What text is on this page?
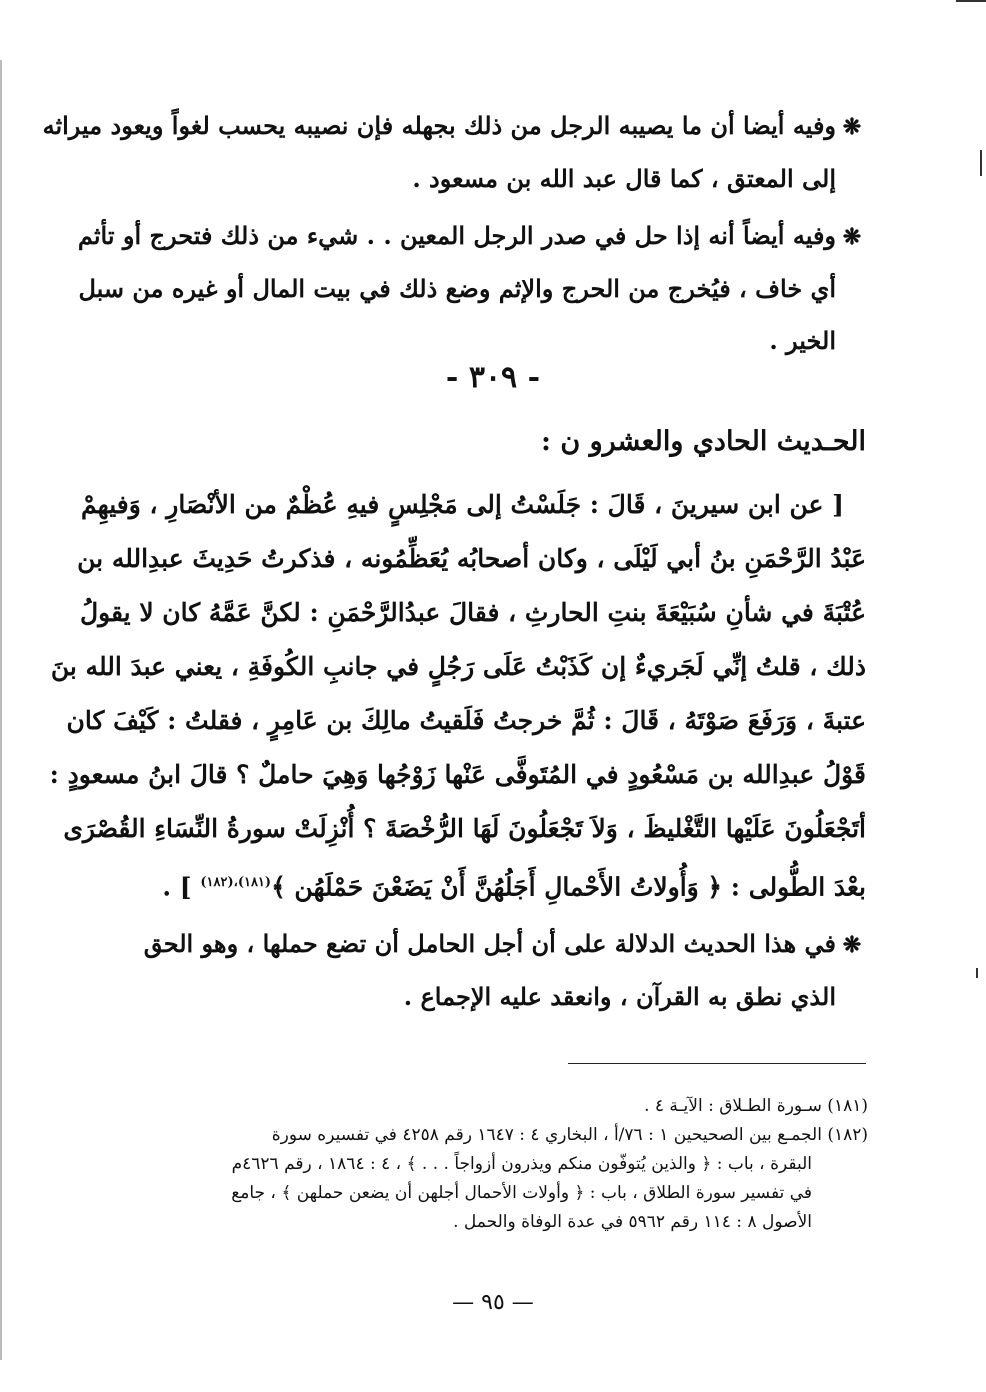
❋وفيه أيضا أن ما يصيبه الرجل من ذلك بجهله فإن نصيبه يحسب لغواً ويعود ميراثه
إلى المعتق ، كما قال عبد الله بن مسعود .
❋وفيه أيضاً أنه إذا حل في صدر الرجل المعين . . شيء من ذلك فتحرج أو تأثم
أي خاف ، فيُخرج من الحرج والإثم وضع ذلك في بيت المال أو غيره من سبل
الخير .
- ٣٠٩ -
الحـديث الحادي والعشرو ن :
[ عن ابن سيرينَ ، قَالَ : جَلَسْتُ إلى مَجْلِسٍ فيهِ عُظْمٌ من الأنْصَارِ ، وَفيهِمْ
عَبْدُ الرَّحْمَنِ بنُ أبي لَيْلَى ، وكان أصحابُه يُعَظِّمُونه ، فذكرتُ حَدِيثَ عبدِالله بن
عُتْبَةَ في شأنِ سُبَيْعَةَ بنتِ الحارثِ ، فقالَ عبدُالرَّحْمَنِ : لكنَّ عَمَّهُ كان لا يقولُ
ذلك ، قلتُ إنِّي لَجَريءٌ إن كَذَبْتُ عَلَى رَجُلٍ في جانبِ الكُوفَةِ ، يعني عبدَ الله بنَ
عتبةَ ، وَرَفَعَ صَوْتَهُ ، قَالَ : ثُمَّ خرجتُ فَلَقيتُ مالِكَ بن عَامِرٍ ، فقلتُ : كَيْفَ كان
قَوْلُ عبدِالله بن مَسْعُودٍ في المُتَوفَّى عَنْها زَوْجُها وَهِيَ حاملٌ ؟ قالَ ابنُ مسعودٍ :
أتَجْعَلُونَ عَلَيْها التَّغْليظَ ، وَلاَ تَجْعَلُونَ لَهَا الرُّخْصَةَ ؟ أُنْزِلَتْ سورةُ النِّسَاءِ القُصْرَى
بعْدَ الطُّولى : ﴿ وَأُولاتُ الأَحْمالِ أَجَلُهُنَّ أَنْ يَضَعْنَ حَمْلَهُن ﴾$^{(١٨١)،(١٨٢)}$ ] .
❋في هذا الحديث الدلالة على أن أجل الحامل أن تضع حملها ، وهو الحق
الذي نطق به القرآن ، وانعقد عليه الإجماع .
(١٨١) سـورة الطـلاق : الآيـة ٤ .
(١٨٢) الجمـع بين الصحيحين ١ : ٧٦/أ ، البخاري ٤ : ١٦٤٧ رقم ٤٢٥٨ في تفسيره سورة
البقرة ، باب : ﴿ والذين يُتوفّون منكم ويذرون أزواجاً . . . ﴾ ، ٤ : ١٨٦٤ ، رقم ٤٦٢٦م
في تفسير سورة الطلاق ، باب : ﴿ وأولات الأحمال أجلهن أن يضعن حملهن ﴾ ، جامع
الأصول ٨ : ١١٤ رقم ٥٩٦٢ في عدة الوفاة والحمل .
— ٩٥ —
